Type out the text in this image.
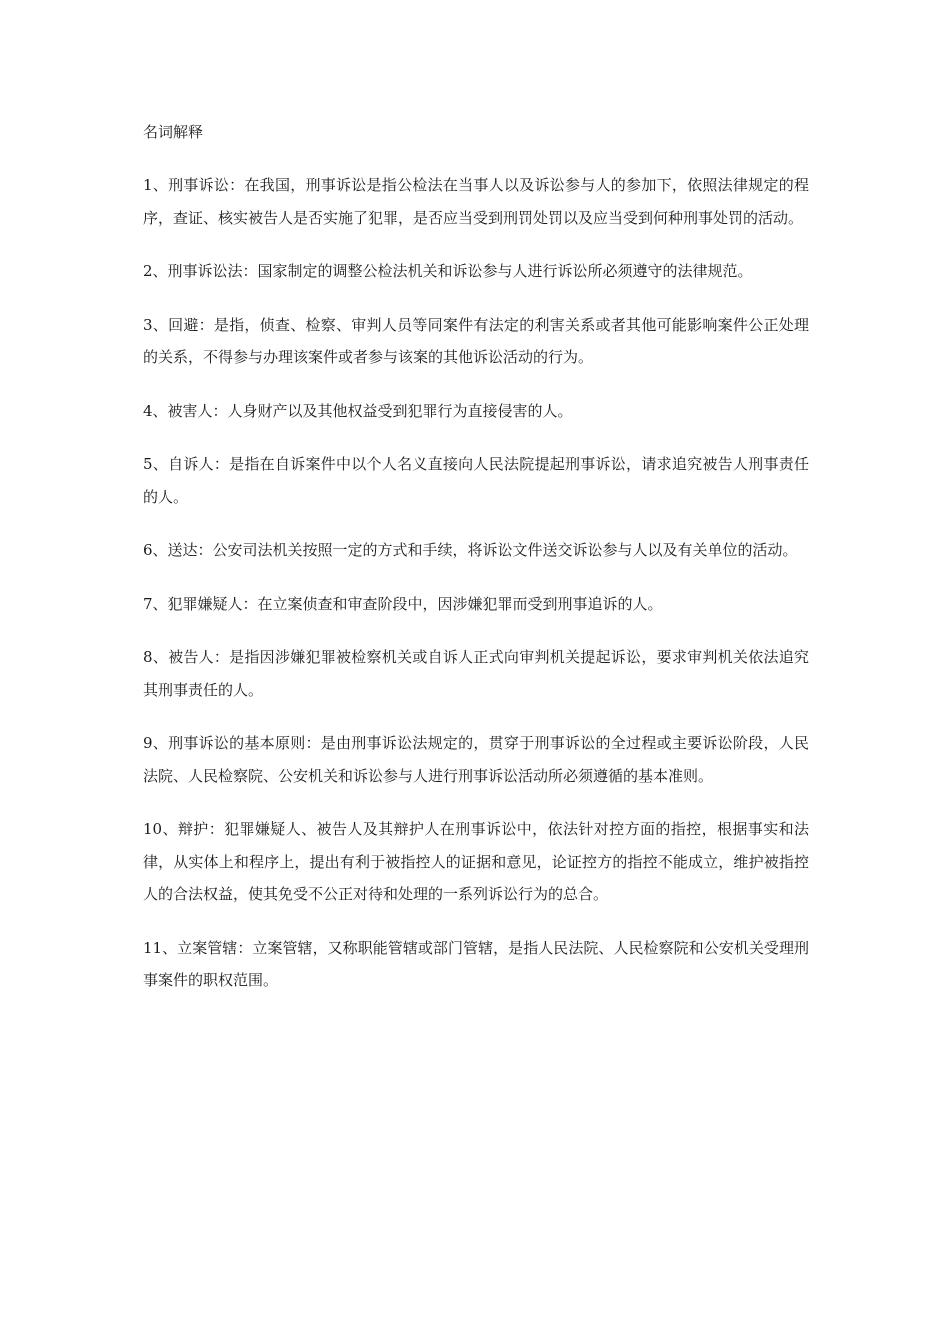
名词解释
1、刑事诉讼：在我国，刑事诉讼是指公检法在当事人以及诉讼参与人的参加下，依照法律规定的程序，查证、核实被告人是否实施了犯罪，是否应当受到刑罚处罚以及应当受到何种刑事处罚的活动。
2、刑事诉讼法：国家制定的调整公检法机关和诉讼参与人进行诉讼所必须遵守的法律规范。
3、回避：是指，侦查、检察、审判人员等同案件有法定的利害关系或者其他可能影响案件公正处理的关系，不得参与办理该案件或者参与该案的其他诉讼活动的行为。
4、被害人：人身财产以及其他权益受到犯罪行为直接侵害的人。
5、自诉人：是指在自诉案件中以个人名义直接向人民法院提起刑事诉讼，请求追究被告人刑事责任的人。
6、送达：公安司法机关按照一定的方式和手续，将诉讼文件送交诉讼参与人以及有关单位的活动。
7、犯罪嫌疑人：在立案侦查和审查阶段中，因涉嫌犯罪而受到刑事追诉的人。
8、被告人：是指因涉嫌犯罪被检察机关或自诉人正式向审判机关提起诉讼，要求审判机关依法追究其刑事责任的人。
9、刑事诉讼的基本原则：是由刑事诉讼法规定的，贯穿于刑事诉讼的全过程或主要诉讼阶段，人民法院、人民检察院、公安机关和诉讼参与人进行刑事诉讼活动所必须遵循的基本准则。
10、辩护：犯罪嫌疑人、被告人及其辩护人在刑事诉讼中，依法针对控方面的指控，根据事实和法律，从实体上和程序上，提出有利于被指控人的证据和意见，论证控方的指控不能成立，维护被指控人的合法权益，使其免受不公正对待和处理的一系列诉讼行为的总合。
11、立案管辖：立案管辖，又称职能管辖或部门管辖，是指人民法院、人民检察院和公安机关受理刑事案件的职权范围。
